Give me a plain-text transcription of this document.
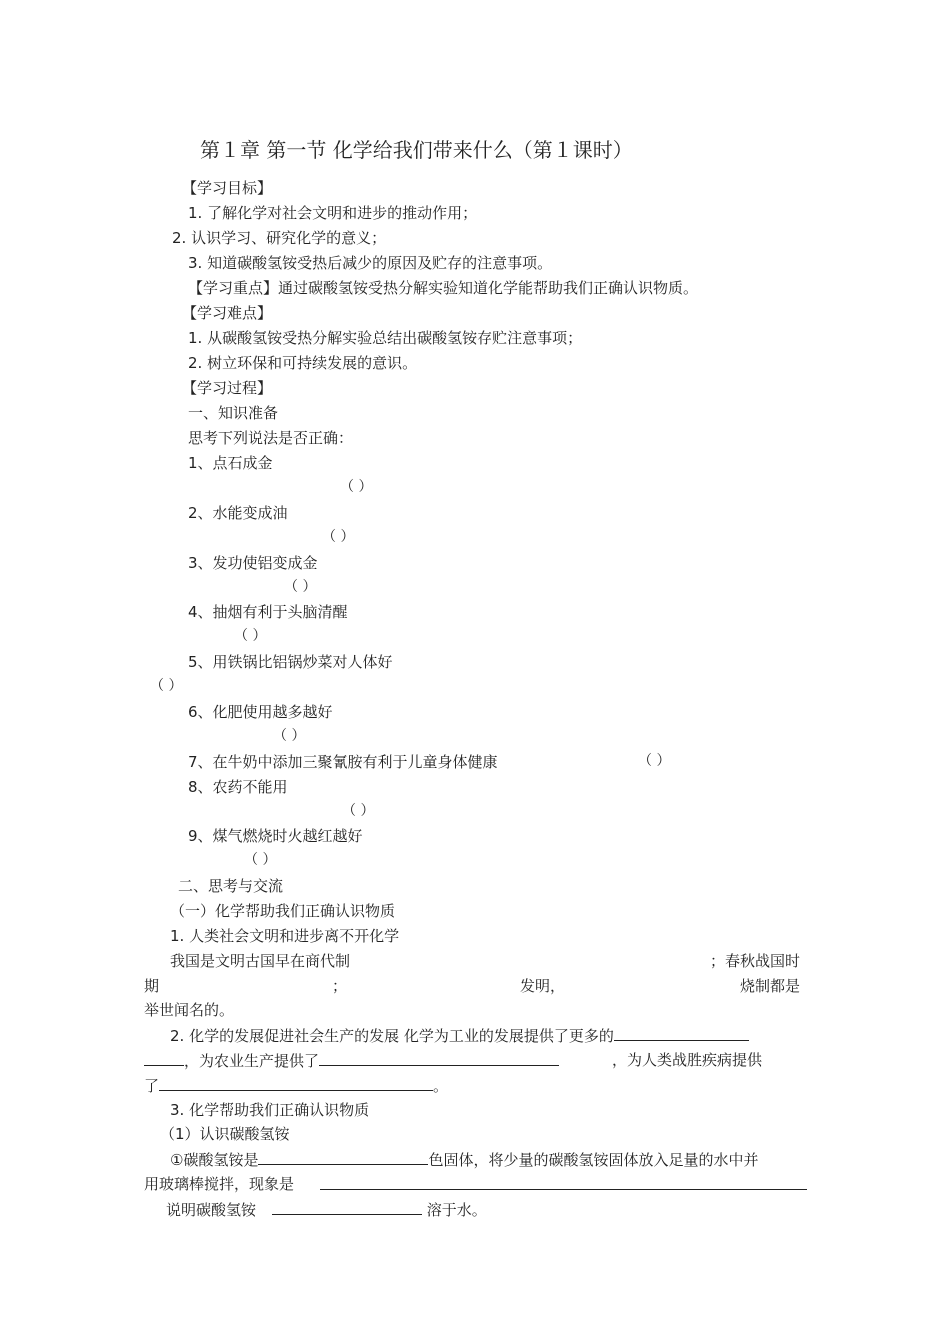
第１章 第一节 化学给我们带来什么（第１课时）
【学习目标】
1. 了解化学对社会文明和进步的推动作用；
2. 认识学习、研究化学的意义；
3. 知道碳酸氢铵受热后减少的原因及贮存的注意事项。
【学习重点】通过碳酸氢铵受热分解实验知道化学能帮助我们正确认识物质。
【学习难点】
1. 从碳酸氢铵受热分解实验总结出碳酸氢铵存贮注意事项；
2. 树立环保和可持续发展的意识。
【学习过程】
一、知识准备
思考下列说法是否正确：
1、点石成金
（ ）
2、水能变成油
（ ）
3、发功使铝变成金
（ ）
4、抽烟有利于头脑清醒
（ ）
5、用铁锅比铝锅炒菜对人体好
（ ）
6、化肥使用越多越好
（ ）
7、在牛奶中添加三聚氰胺有利于儿童身体健康	（ ）
8、农药不能用
（ ）
9、煤气燃烧时火越红越好
（ ）
二、思考与交流
（一）化学帮助我们正确认识物质
1. 人类社会文明和进步离不开化学
我国是文明古国早在商代制	；春秋战国时
期	；	发明，	烧制都是
举世闻名的。
2. 化学的发展促进社会生产的发展 化学为工业的发展提供了更多的
，为农业生产提供了	，为人类战胜疾病提供
了	。
3. 化学帮助我们正确认识物质
（1）认识碳酸氢铵
①碳酸氢铵是	色固体，将少量的碳酸氢铵固体放入足量的水中并
用玻璃棒搅拌，现象是
说明碳酸氢铵	溶于水。
